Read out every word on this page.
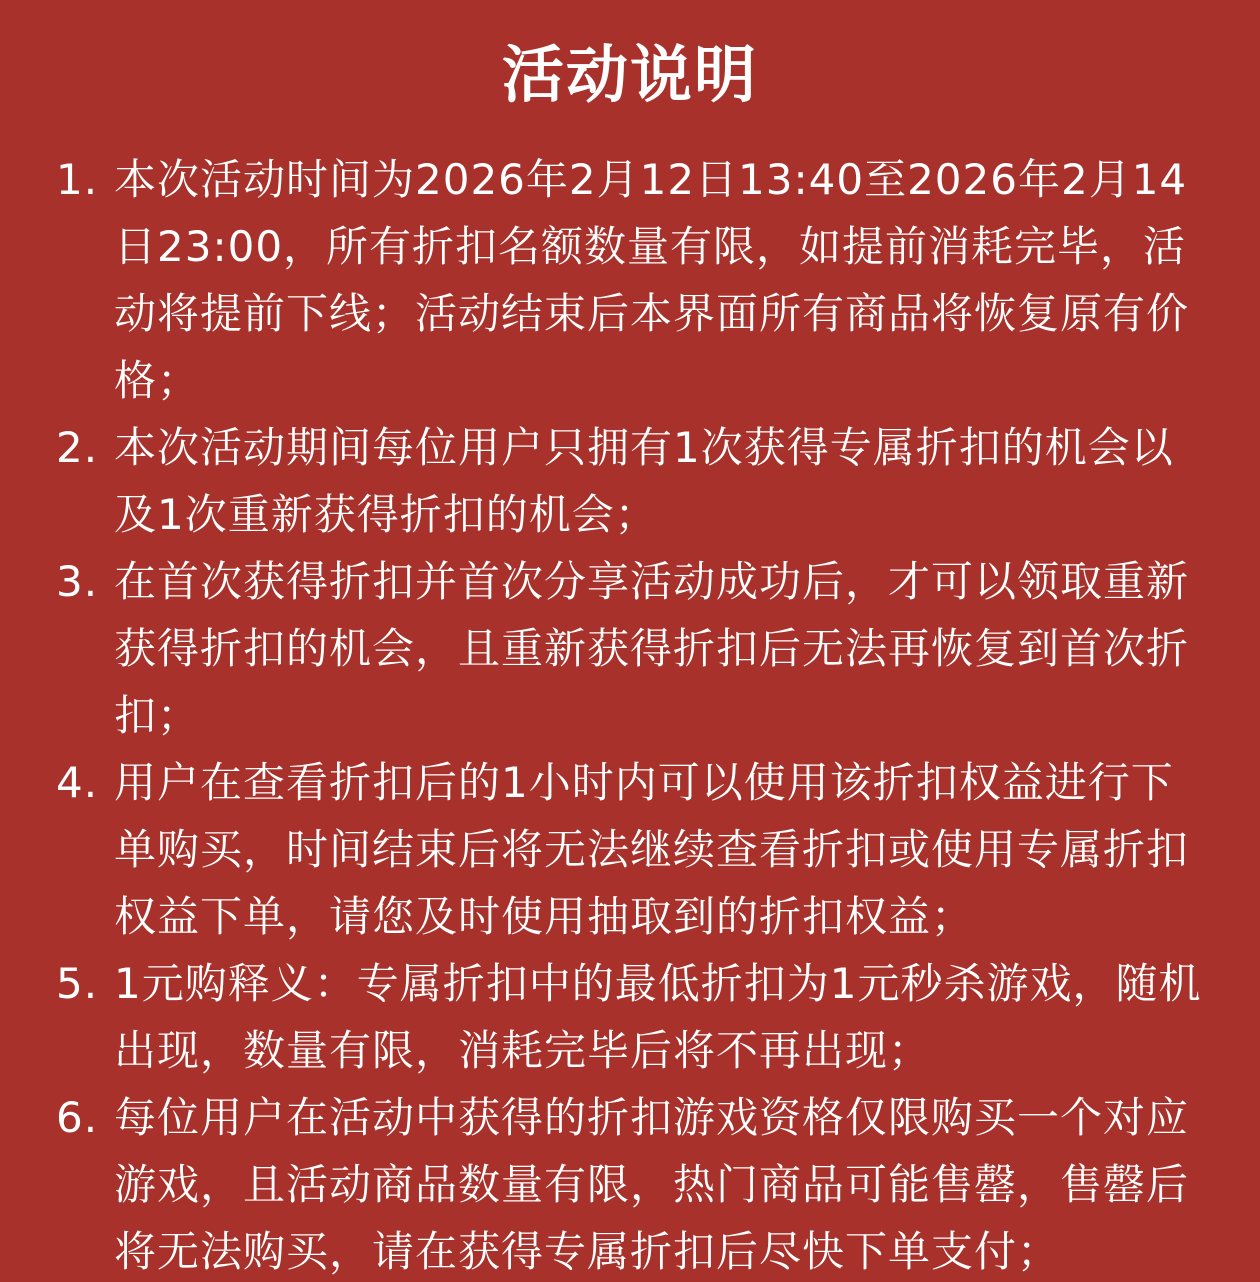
活动说明
1. 本次活动时间为2026年2月12日13:40至2026年2月14日23:00，所有折扣名额数量有限，如提前消耗完毕，活动将提前下线；活动结束后本界面所有商品将恢复原有价格；
2. 本次活动期间每位用户只拥有1次获得专属折扣的机会以及1次重新获得折扣的机会；
3. 在首次获得折扣并首次分享活动成功后，才可以领取重新获得折扣的机会，且重新获得折扣后无法再恢复到首次折扣；
4. 用户在查看折扣后的1小时内可以使用该折扣权益进行下单购买，时间结束后将无法继续查看折扣或使用专属折扣权益下单，请您及时使用抽取到的折扣权益；
5. 1元购释义：专属折扣中的最低折扣为1元秒杀游戏，随机出现，数量有限，消耗完毕后将不再出现；
6. 每位用户在活动中获得的折扣游戏资格仅限购买一个对应游戏，且活动商品数量有限，热门商品可能售罄，售罄后将无法购买，请在获得专属折扣后尽快下单支付；
